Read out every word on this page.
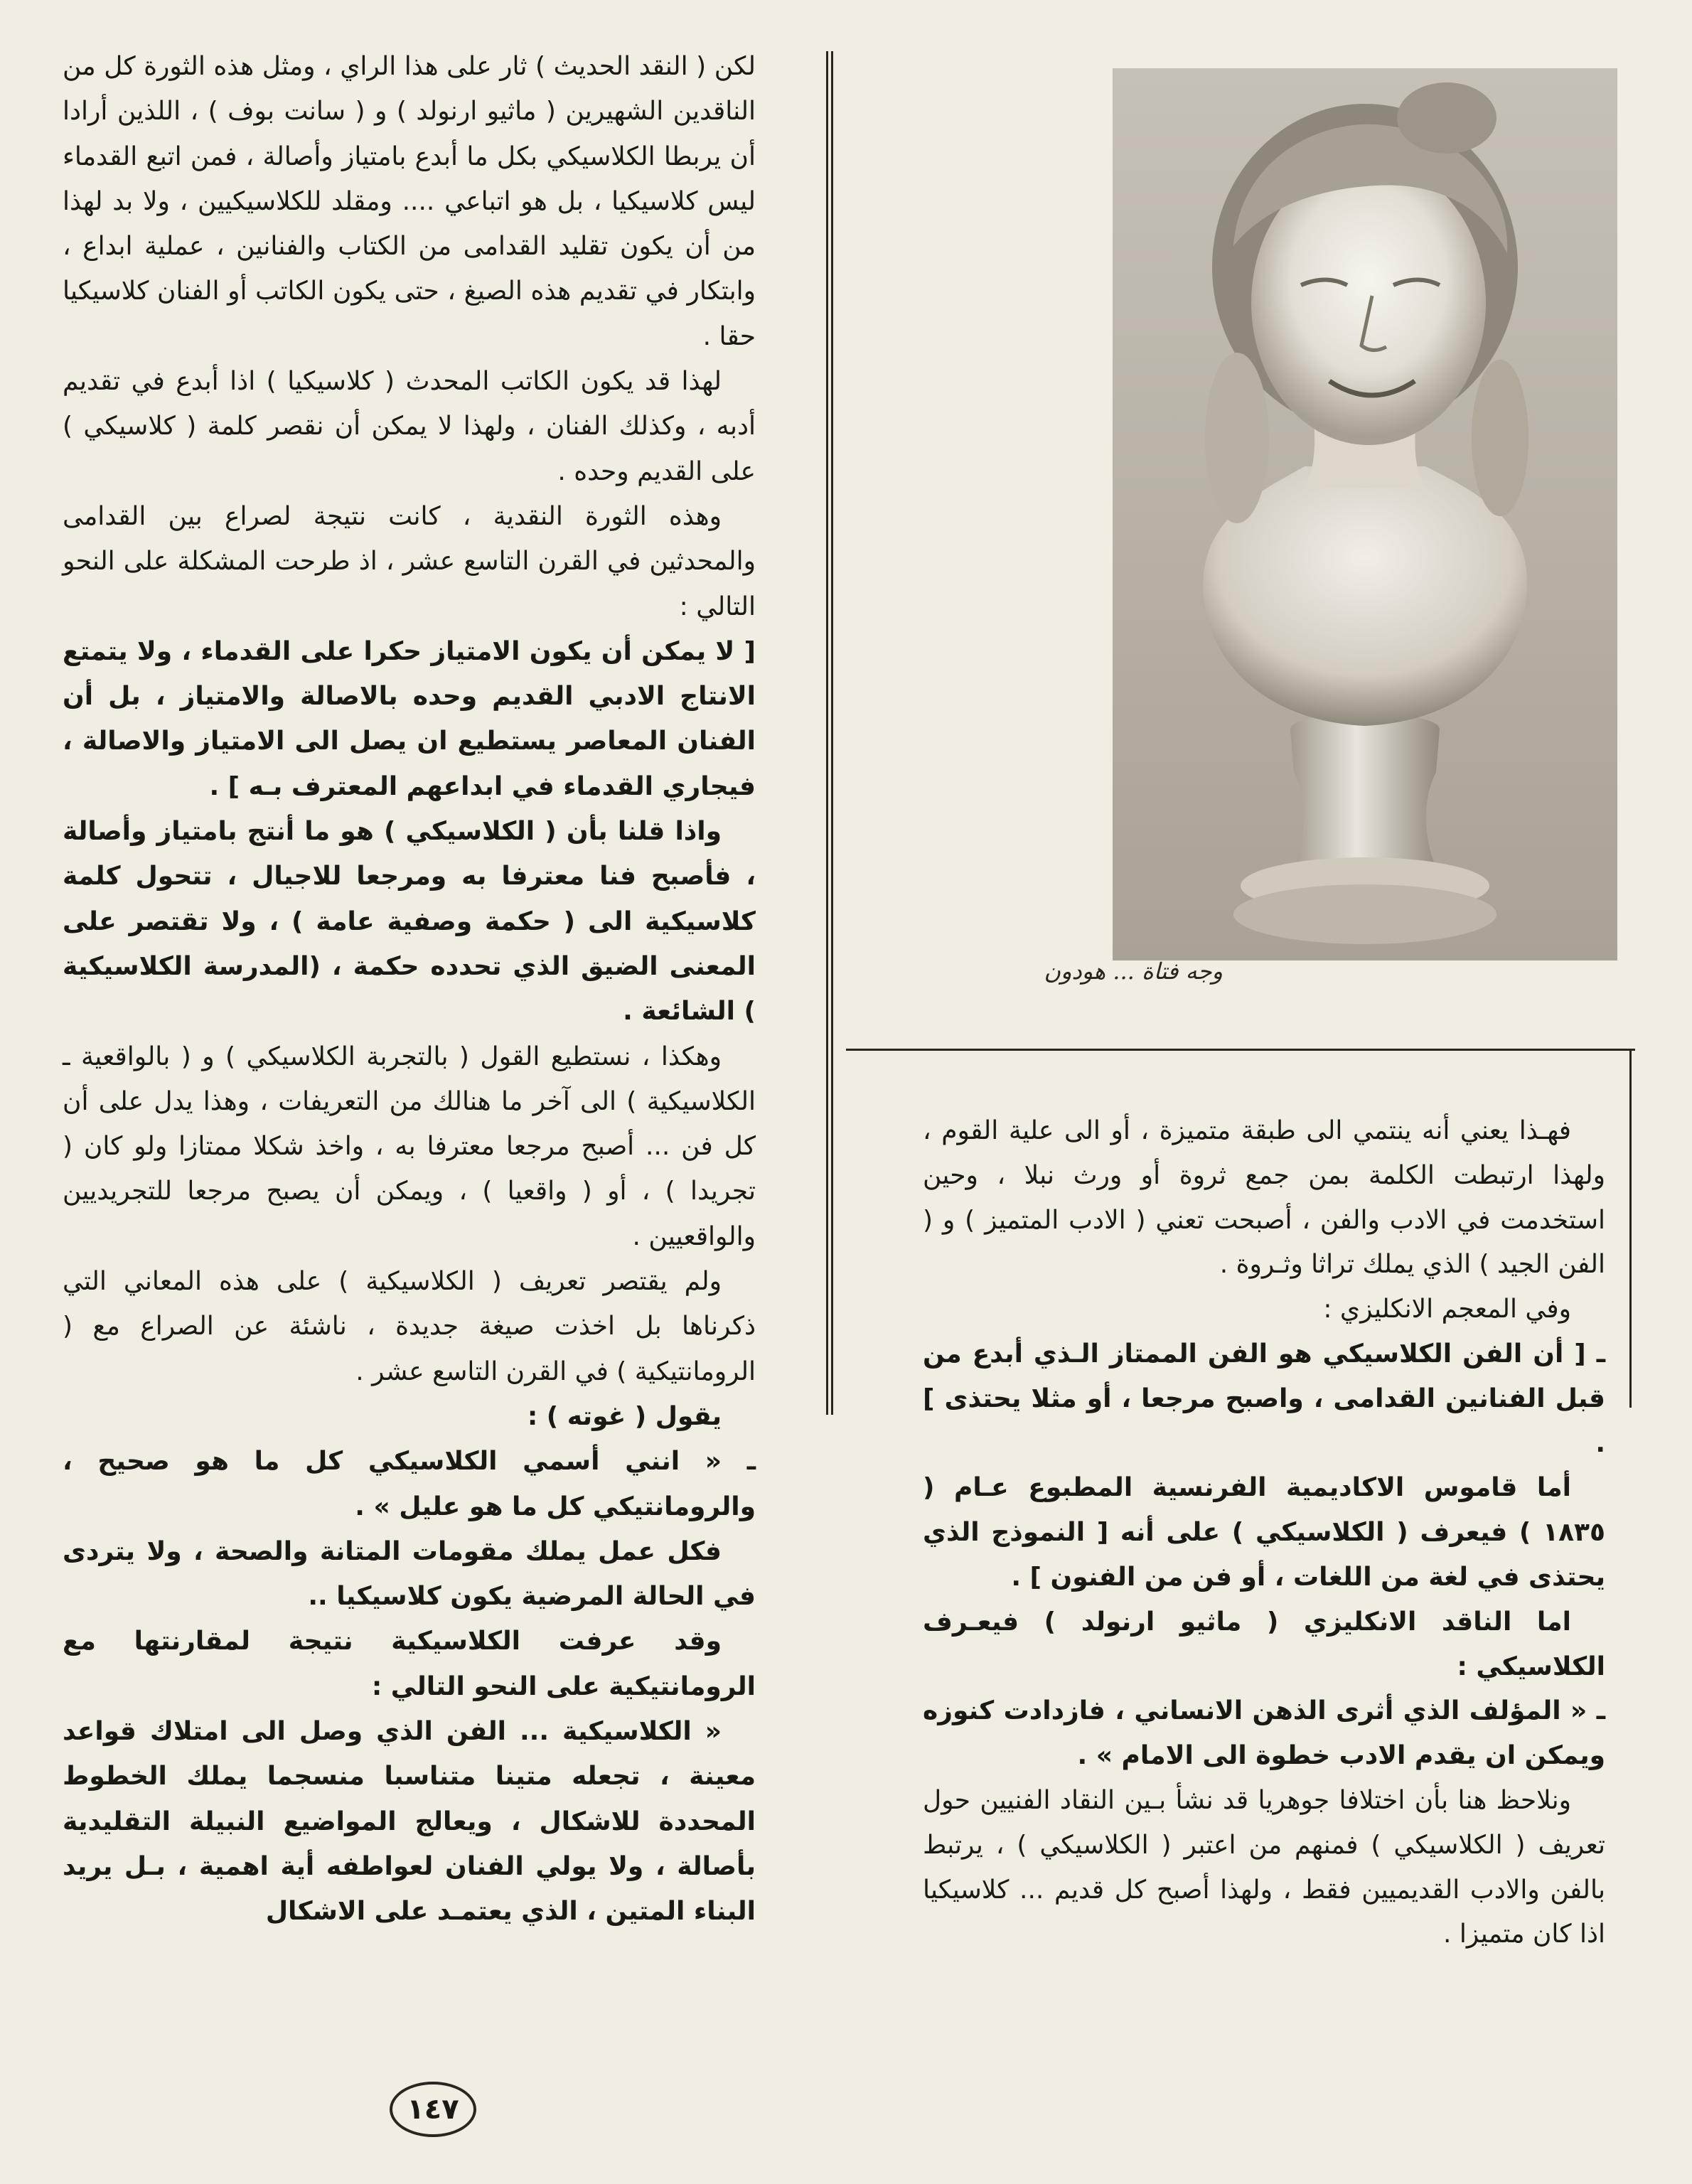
وجه فتاة ... هودون

لكن ( النقد الحديث ) ثار على هذا الراي ، ومثل هذه الثورة كل من الناقدين الشهيرين ( ماثيو ارنولد ) و ( سانت بوف ) ، اللذين أرادا أن يربطا الكلاسيكي بكل ما أبدع بامتياز وأصالة ، فمن اتبع القدماء ليس كلاسيكيا ، بل هو اتباعي .... ومقلد للكلاسيكيين ، ولا بد لهذا من أن يكون تقليد القدامى من الكتاب والفنانين ، عملية ابداع ، وابتكار في تقديم هذه الصيغ ، حتى يكون الكاتب أو الفنان كلاسيكيا حقا .

لهذا قد يكون الكاتب المحدث ( كلاسيكيا ) اذا أبدع في تقديم أدبه ، وكذلك الفنان ، ولهذا لا يمكن أن نقصر كلمة ( كلاسيكي ) على القديم وحده .

وهذه الثورة النقدية ، كانت نتيجة لصراع بين القدامى والمحدثين في القرن التاسع عشر ، اذ طرحت المشكلة على النحو التالي :

[ لا يمكن أن يكون الامتياز حكرا على القدماء ، ولا يتمتع الانتاج الادبي القديم وحده بالاصالة والامتياز ، بل أن الفنان المعاصر يستطيع ان يصل الى الامتياز والاصالة ، فيجاري القدماء في ابداعهم المعترف بـه ] .

واذا قلنا بأن ( الكلاسيكي ) هو ما أنتج بامتياز وأصالة ، فأصبح فنا معترفا به ومرجعا للاجيال ، تتحول كلمة كلاسيكية الى ( حكمة وصفية عامة ) ، ولا تقتصر على المعنى الضيق الذي تحدده حكمة ، (المدرسة الكلاسيكية ) الشائعة .

وهكذا ، نستطيع القول ( بالتجربة الكلاسيكي ) و ( بالواقعية ـ الكلاسيكية ) الى آخر ما هنالك من التعريفات ، وهذا يدل على أن كل فن ... أصبح مرجعا معترفا به ، واخذ شكلا ممتازا ولو كان ( تجريدا ) ، أو ( واقعيا ) ، ويمكن أن يصبح مرجعا للتجريديين والواقعيين .

ولم يقتصر تعريف ( الكلاسيكية ) على هذه المعاني التي ذكرناها بل اخذت صيغة جديدة ، ناشئة عن الصراع مع ( الرومانتيكية ) في القرن التاسع عشر .

يقول ( غوته ) :

ـ « انني أسمي الكلاسيكي كل ما هو صحيح ، والرومانتيكي كل ما هو عليل » .

فكل عمل يملك مقومات المتانة والصحة ، ولا يتردى في الحالة المرضية يكون كلاسيكيا ..

وقد عرفت الكلاسيكية نتيجة لمقارنتها مع الرومانتيكية على النحو التالي :

« الكلاسيكية ... الفن الذي وصل الى امتلاك قواعد معينة ، تجعله متينا متناسبا منسجما يملك الخطوط المحددة للاشكال ، ويعالج المواضيع النبيلة التقليدية بأصالة ، ولا يولي الفنان لعواطفه أية اهمية ، بـل يريد البناء المتين ، الذي يعتمـد على الاشكال

فهـذا يعني أنه ينتمي الى طبقة متميزة ، أو الى علية القوم ، ولهذا ارتبطت الكلمة بمن جمع ثروة أو ورث نبلا ، وحين استخدمت في الادب والفن ، أصبحت تعني ( الادب المتميز ) و ( الفن الجيد ) الذي يملك تراثا وثـروة .

وفي المعجم الانكليزي :

ـ [ أن الفن الكلاسيكي هو الفن الممتاز الـذي أبدع من قبل الفنانين القدامى ، واصبح مرجعا ، أو مثلا يحتذى ] .

أما قاموس الاكاديمية الفرنسية المطبوع عـام ( ١٨٣٥ ) فيعرف ( الكلاسيكي ) على أنه [ النموذج الذي يحتذى في لغة من اللغات ، أو فن من الفنون ] .

اما الناقد الانكليزي ( ماثيو ارنولد ) فيعـرف الكلاسيكي :

ـ « المؤلف الذي أثرى الذهن الانساني ، فازدادت كنوزه ويمكن ان يقدم الادب خطوة الى الامام » .

ونلاحظ هنا بأن اختلافا جوهريا قد نشأ بـين النقاد الفنيين حول تعريف ( الكلاسيكي ) فمنهم من اعتبر ( الكلاسيكي ) ، يرتبط بالفن والادب القديميين فقط ، ولهذا أصبح كل قديم ... كلاسيكيا اذا كان متميزا .

١٤٧
